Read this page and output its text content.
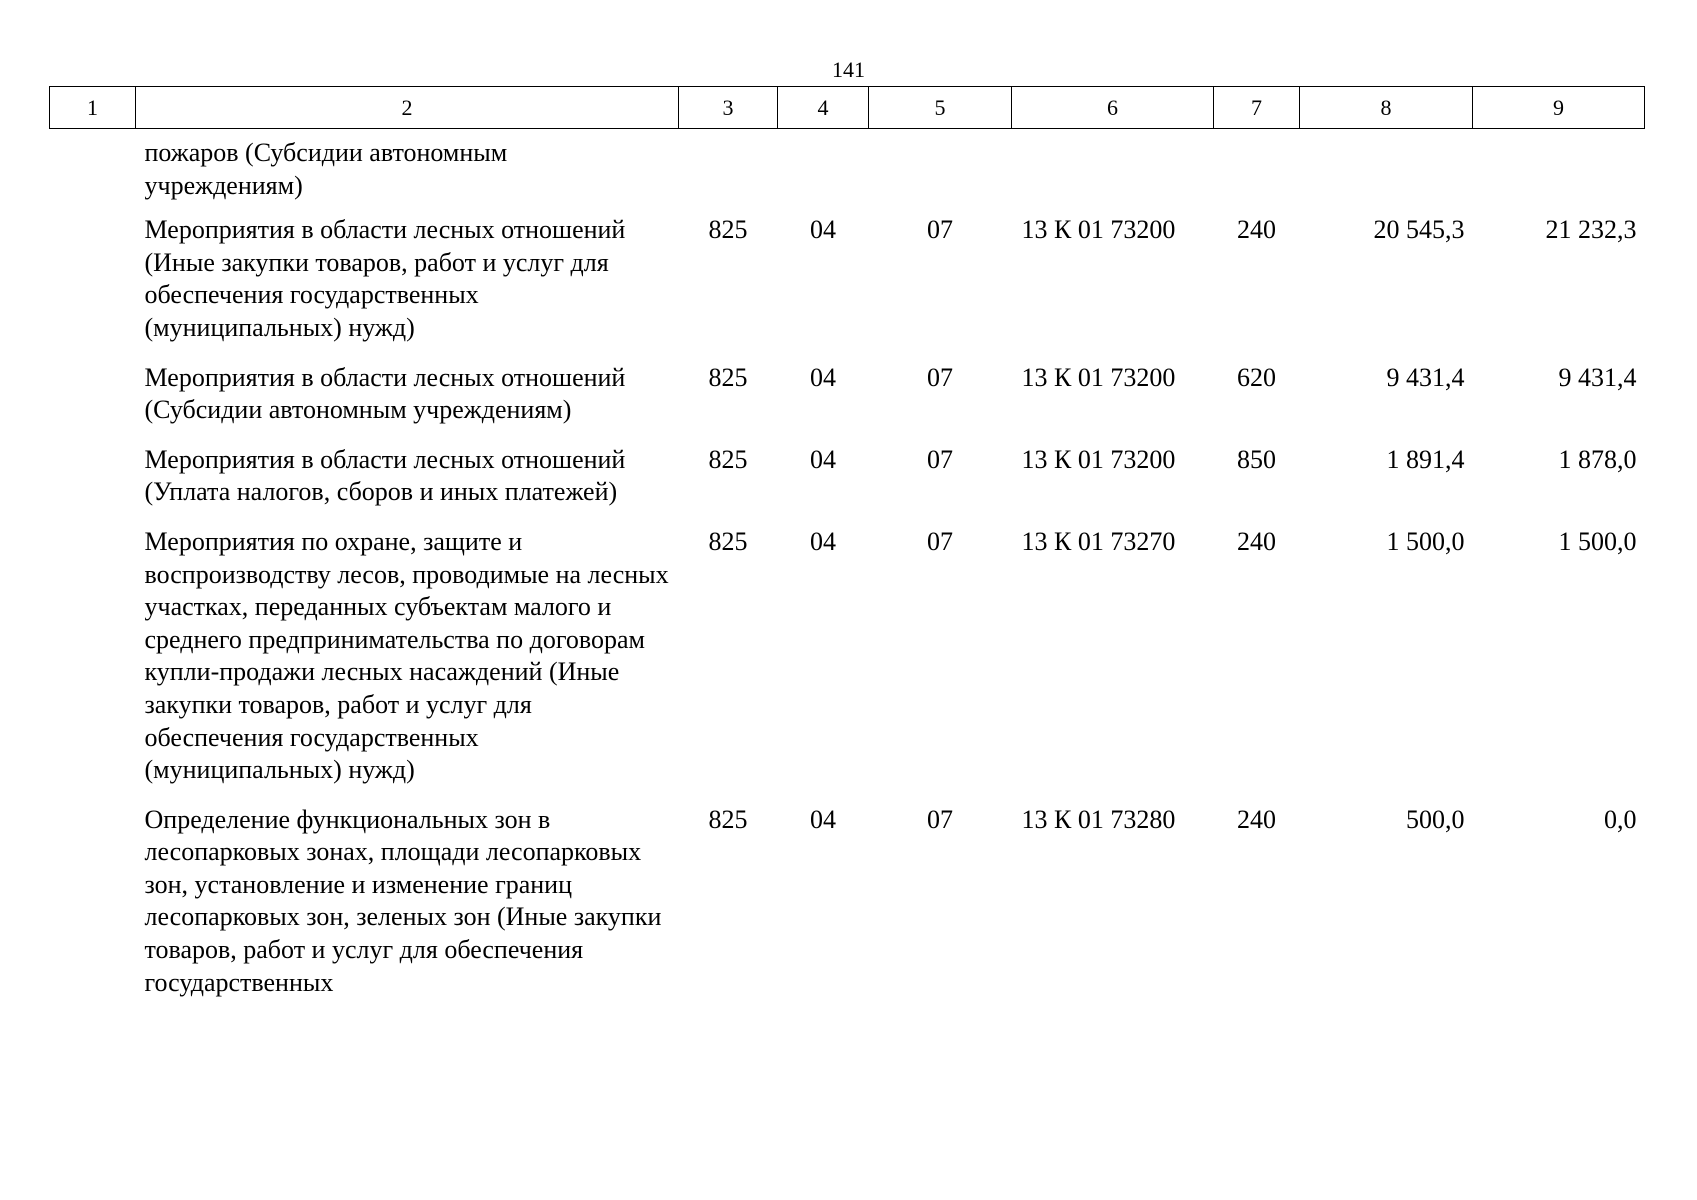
141
1	2	3	4	5	6	7	8	9
пожаров (Субсидии автономным учреждениям)								
Мероприятия в области лесных отношений (Иные закупки товаров, работ и услуг для обеспечения государственных (муниципальных) нужд)		825	04	07	13 К 01 73200	240	20 545,3	21 232,3
Мероприятия в области лесных отношений (Субсидии автономным учреждениям)		825	04	07	13 К 01 73200	620	9 431,4	9 431,4
Мероприятия в области лесных отношений (Уплата налогов, сборов и иных платежей)		825	04	07	13 К 01 73200	850	1 891,4	1 878,0
Мероприятия по охране, защите и воспроизводству лесов, проводимые на лесных участках, переданных субъектам малого и среднего предпринимательства по договорам купли-продажи лесных насаждений (Иные закупки товаров, работ и услуг для обеспечения государственных (муниципальных) нужд)		825	04	07	13 К 01 73270	240	1 500,0	1 500,0
Определение функциональных зон в лесопарковых зонах, площади лесопарковых зон, установление и изменение границ лесопарковых зон, зеленых зон (Иные закупки товаров, работ и услуг для обеспечения государственных		825	04	07	13 К 01 73280	240	500,0	0,0
